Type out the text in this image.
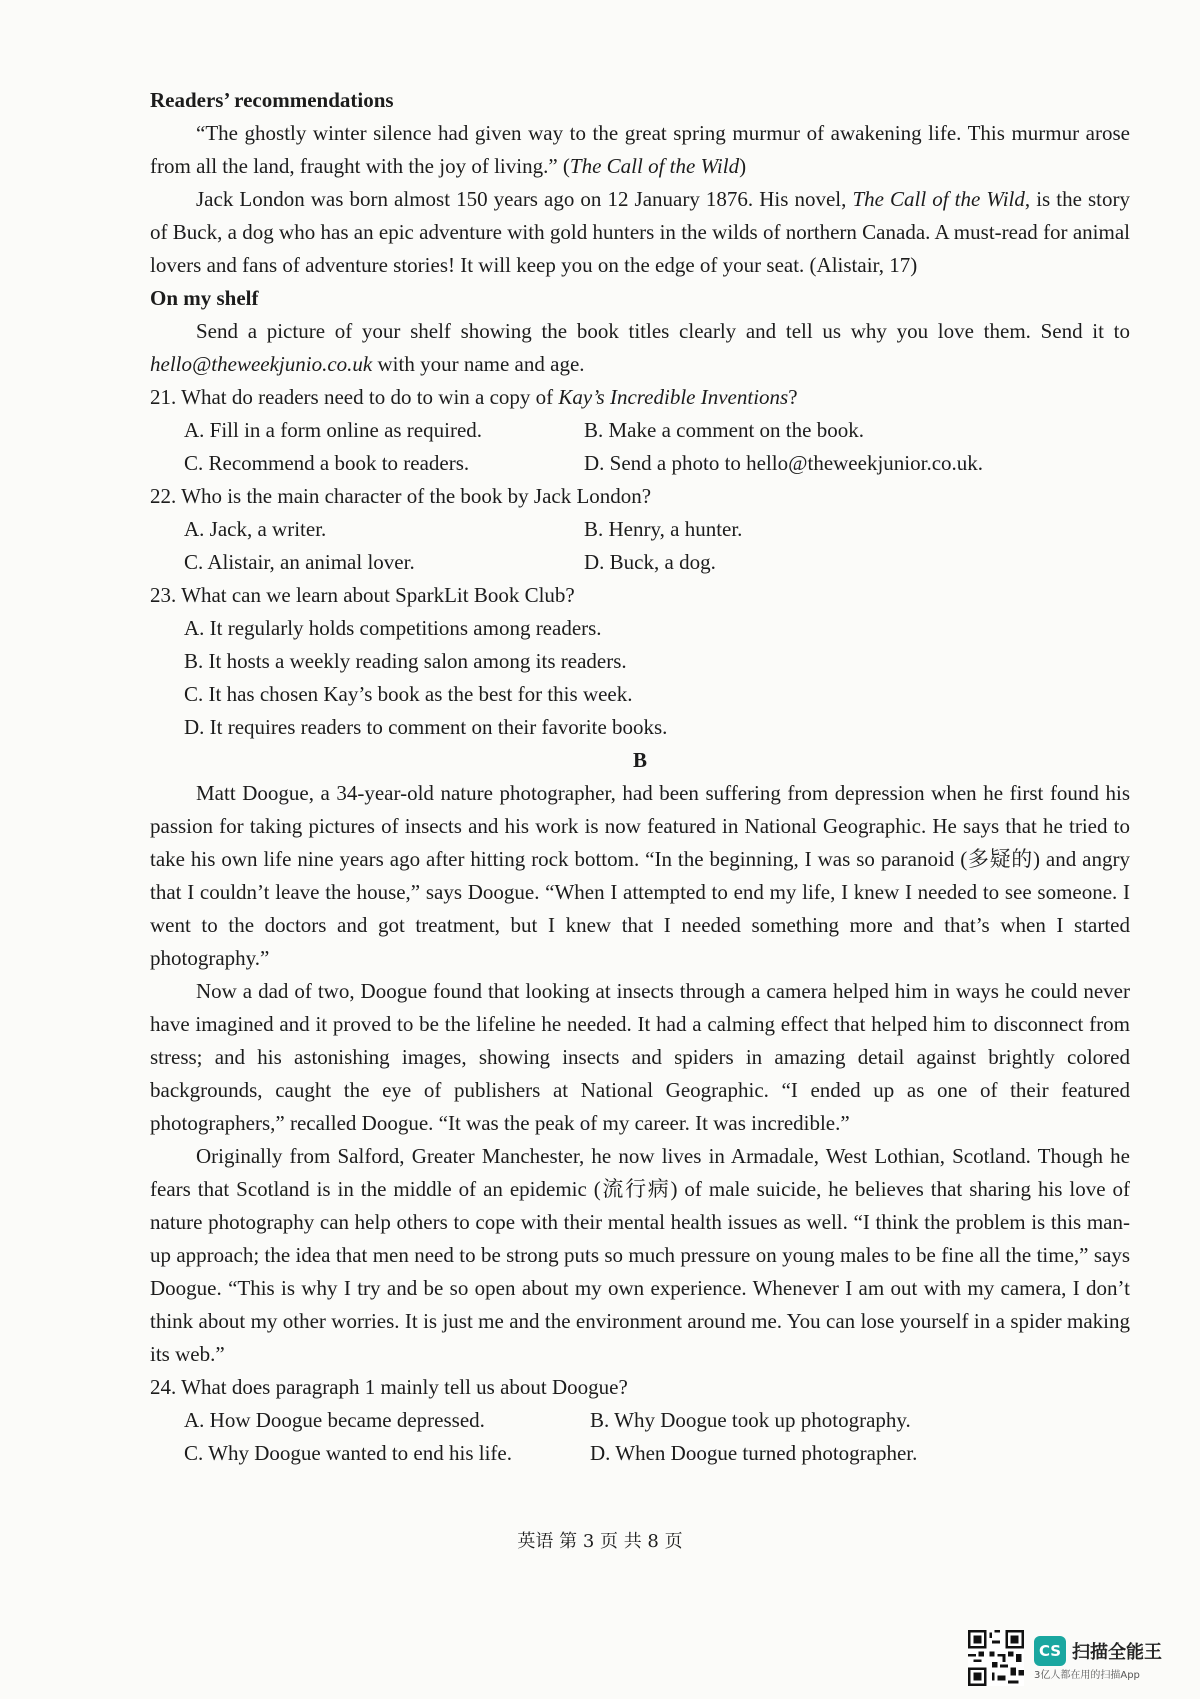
Readers’ recommendations
“The ghostly winter silence had given way to the great spring murmur of awakening life. This murmur arose from all the land, fraught with the joy of living.” (The Call of the Wild)
Jack London was born almost 150 years ago on 12 January 1876. His novel, The Call of the Wild, is the story of Buck, a dog who has an epic adventure with gold hunters in the wilds of northern Canada. A must-read for animal lovers and fans of adventure stories! It will keep you on the edge of your seat. (Alistair, 17)
On my shelf
Send a picture of your shelf showing the book titles clearly and tell us why you love them. Send it to hello@theweekjunio.co.uk with your name and age.
21. What do readers need to do to win a copy of Kay’s Incredible Inventions?
A. Fill in a form online as required.	B. Make a comment on the book.
C. Recommend a book to readers.	D. Send a photo to hello@theweekjunior.co.uk.
22. Who is the main character of the book by Jack London?
A. Jack, a writer.	B. Henry, a hunter.
C. Alistair, an animal lover.	D. Buck, a dog.
23. What can we learn about SparkLit Book Club?
A. It regularly holds competitions among readers.
B. It hosts a weekly reading salon among its readers.
C. It has chosen Kay’s book as the best for this week.
D. It requires readers to comment on their favorite books.
B
Matt Doogue, a 34-year-old nature photographer, had been suffering from depression when he first found his passion for taking pictures of insects and his work is now featured in National Geographic. He says that he tried to take his own life nine years ago after hitting rock bottom. “In the beginning, I was so paranoid (多疑的) and angry that I couldn’t leave the house,” says Doogue. “When I attempted to end my life, I knew I needed to see someone. I went to the doctors and got treatment, but I knew that I needed something more and that’s when I started photography.”
Now a dad of two, Doogue found that looking at insects through a camera helped him in ways he could never have imagined and it proved to be the lifeline he needed. It had a calming effect that helped him to disconnect from stress; and his astonishing images, showing insects and spiders in amazing detail against brightly colored backgrounds, caught the eye of publishers at National Geographic. “I ended up as one of their featured photographers,” recalled Doogue. “It was the peak of my career. It was incredible.”
Originally from Salford, Greater Manchester, he now lives in Armadale, West Lothian, Scotland. Though he fears that Scotland is in the middle of an epidemic (流行病) of male suicide, he believes that sharing his love of nature photography can help others to cope with their mental health issues as well. “I think the problem is this man-up approach; the idea that men need to be strong puts so much pressure on young males to be fine all the time,” says Doogue. “This is why I try and be so open about my own experience. Whenever I am out with my camera, I don’t think about my other worries. It is just me and the environment around me. You can lose yourself in a spider making its web.”
24. What does paragraph 1 mainly tell us about Doogue?
A. How Doogue became depressed.	B. Why Doogue took up photography.
C. Why Doogue wanted to end his life.	D. When Doogue turned photographer.
英语 第 3 页 共 8 页
CS 扫描全能王
3亿人都在用的扫描App
